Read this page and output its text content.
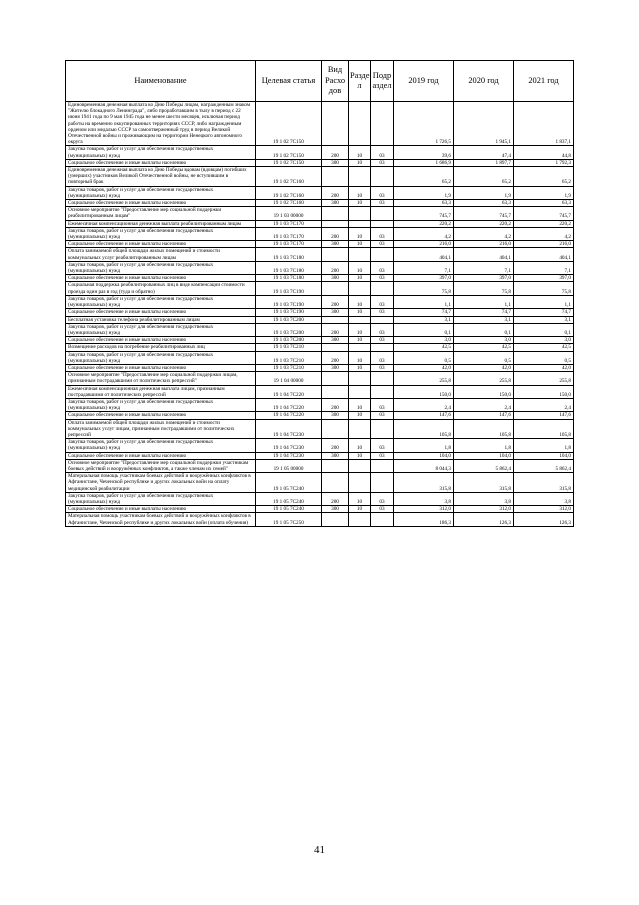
Наименование	Целевая статья	Вид Расхо дов	Разде л	Подр аздел	2019 год	2020 год	2021 год
Единовременная денежная выплата ко Дню Победы лицам, награжденным знаком "Жителю блокадного Ленинграда", либо проработавшим в тылу в период с 22 июня 1941 года по 9 мая 1945 года не менее шести месяцев, исключая период работы на временно оккупированных территориях СССР, либо награжденным орденом или медалью СССР за самоотверженный труд в период Великой Отечественной войны и проживающим на территории Ненецкого автономного округа	19 1 02 7С150				1 726,5	1 945,1	1 837,1
Закупка товаров, работ и услуг для обеспечения государственных (муниципальных) нужд	19 1 02 7С150	200	10	03	39,6	47,4	44,8
Социальное обеспечение и иные выплаты населению	19 1 02 7С150	300	10	03	1 686,9	1 897,7	1 792,3
Единовременная денежная выплата ко Дню Победы вдовам (вдовцам) погибших (умерших) участников Великой Отечественной войны, не вступившим в повторный брак	19 1 02 7С160				65,2	65,2	65,2
Закупка товаров, работ и услуг для обеспечения государственных (муниципальных) нужд	19 1 02 7С160	200	10	03	1,9	1,9	1,9
Социальное обеспечение и иные выплаты населению	19 1 02 7С160	300	10	03	63,3	63,3	63,3
Основное мероприятие "Предоставление мер социальной поддержки реабилитированным лицам"	19 1 03 00000				745,7	745,7	745,7
Ежемесячная компенсационная денежная выплата реабилитированным лицам	19 1 03 7С170				220,2	220,2	220,2
Закупка товаров, работ и услуг для обеспечения государственных (муниципальных) нужд	19 1 03 7С170	200	10	03	4,2	4,2	4,2
Социальное обеспечение и иные выплаты населению	19 1 03 7С170	300	10	03	216,0	216,0	216,0
Оплата занимаемой общей площади жилых помещений и стоимости коммунальных услуг реабилитированным лицам	19 1 03 7С180				404,1	404,1	404,1
Закупка товаров, работ и услуг для обеспечения государственных (муниципальных) нужд	19 1 03 7С180	200	10	03	7,1	7,1	7,1
Социальное обеспечение и иные выплаты населению	19 1 03 7С180	300	10	03	397,0	397,0	397,0
Социальная поддержка реабилитированных лиц в виде компенсации стоимости проезда один раз в год (туда и обратно)	19 1 03 7С190				75,8	75,8	75,8
Закупка товаров, работ и услуг для обеспечения государственных (муниципальных) нужд	19 1 03 7С190	200	10	03	1,1	1,1	1,1
Социальное обеспечение и иные выплаты населению	19 1 03 7С190	300	10	03	74,7	74,7	74,7
Бесплатная установка телефона реабилитированным лицам	19 1 03 7С200				3,1	3,1	3,1
Закупка товаров, работ и услуг для обеспечения государственных (муниципальных) нужд	19 1 03 7С200	200	10	03	0,1	0,1	0,1
Социальное обеспечение и иные выплаты населению	19 1 03 7С200	300	10	03	3,0	3,0	3,0
Возмещение расходов на погребение реабилитированных лиц	19 1 03 7С210				42,5	42,5	42,5
Закупка товаров, работ и услуг для обеспечения государственных (муниципальных) нужд	19 1 03 7С210	200	10	03	0,5	0,5	0,5
Социальное обеспечение и иные выплаты населению	19 1 03 7С210	300	10	03	42,0	42,0	42,0
Основное мероприятие "Предоставление мер социальной поддержки лицам, признанным пострадавшими от политических репрессий"	19 1 04 00000				255,8	255,8	255,8
Ежемесячная компенсационная денежная выплата лицам, признанным пострадавшими от политических репрессий	19 1 04 7С220				150,0	150,0	150,0
Закупка товаров, работ и услуг для обеспечения государственных (муниципальных) нужд	19 1 04 7С220	200	10	03	2,4	2,4	2,4
Социальное обеспечение и иные выплаты населению	19 1 04 7С220	300	10	03	147,6	147,6	147,6
Оплата занимаемой общей площади жилых помещений и стоимости коммунальных услуг лицам, признанным пострадавшими от политических репрессий	19 1 04 7С230				105,8	105,8	105,8
Закупка товаров, работ и услуг для обеспечения государственных (муниципальных) нужд	19 1 04 7С230	200	10	03	1,8	1,8	1,8
Социальное обеспечение и иные выплаты населению	19 1 04 7С230	300	10	03	104,0	104,0	104,0
Основное мероприятие "Предоставление мер социальной поддержки участникам боевых действий и вооружённых конфликтов, а также членам их семей"	19 1 05 00000				8 044,3	5 862,4	5 862,4
Материальная помощь участникам боевых действий и вооружённых конфликтов в Афганистане, Чеченской республике и других локальных войн на оплату медицинской реабилитации	19 1 05 7С240				315,8	315,8	315,8
Закупка товаров, работ и услуг для обеспечения государственных (муниципальных) нужд	19 1 05 7С240	200	10	03	3,8	3,8	3,8
Социальное обеспечение и иные выплаты населению	19 1 05 7С240	300	10	03	312,0	312,0	312,0
Материальная помощь участникам боевых действий и вооружённых конфликтов в Афганистане, Чеченской республике и других локальных войн (оплата обучения)	19 1 05 7С250				186,3	126,3	126,3
41
